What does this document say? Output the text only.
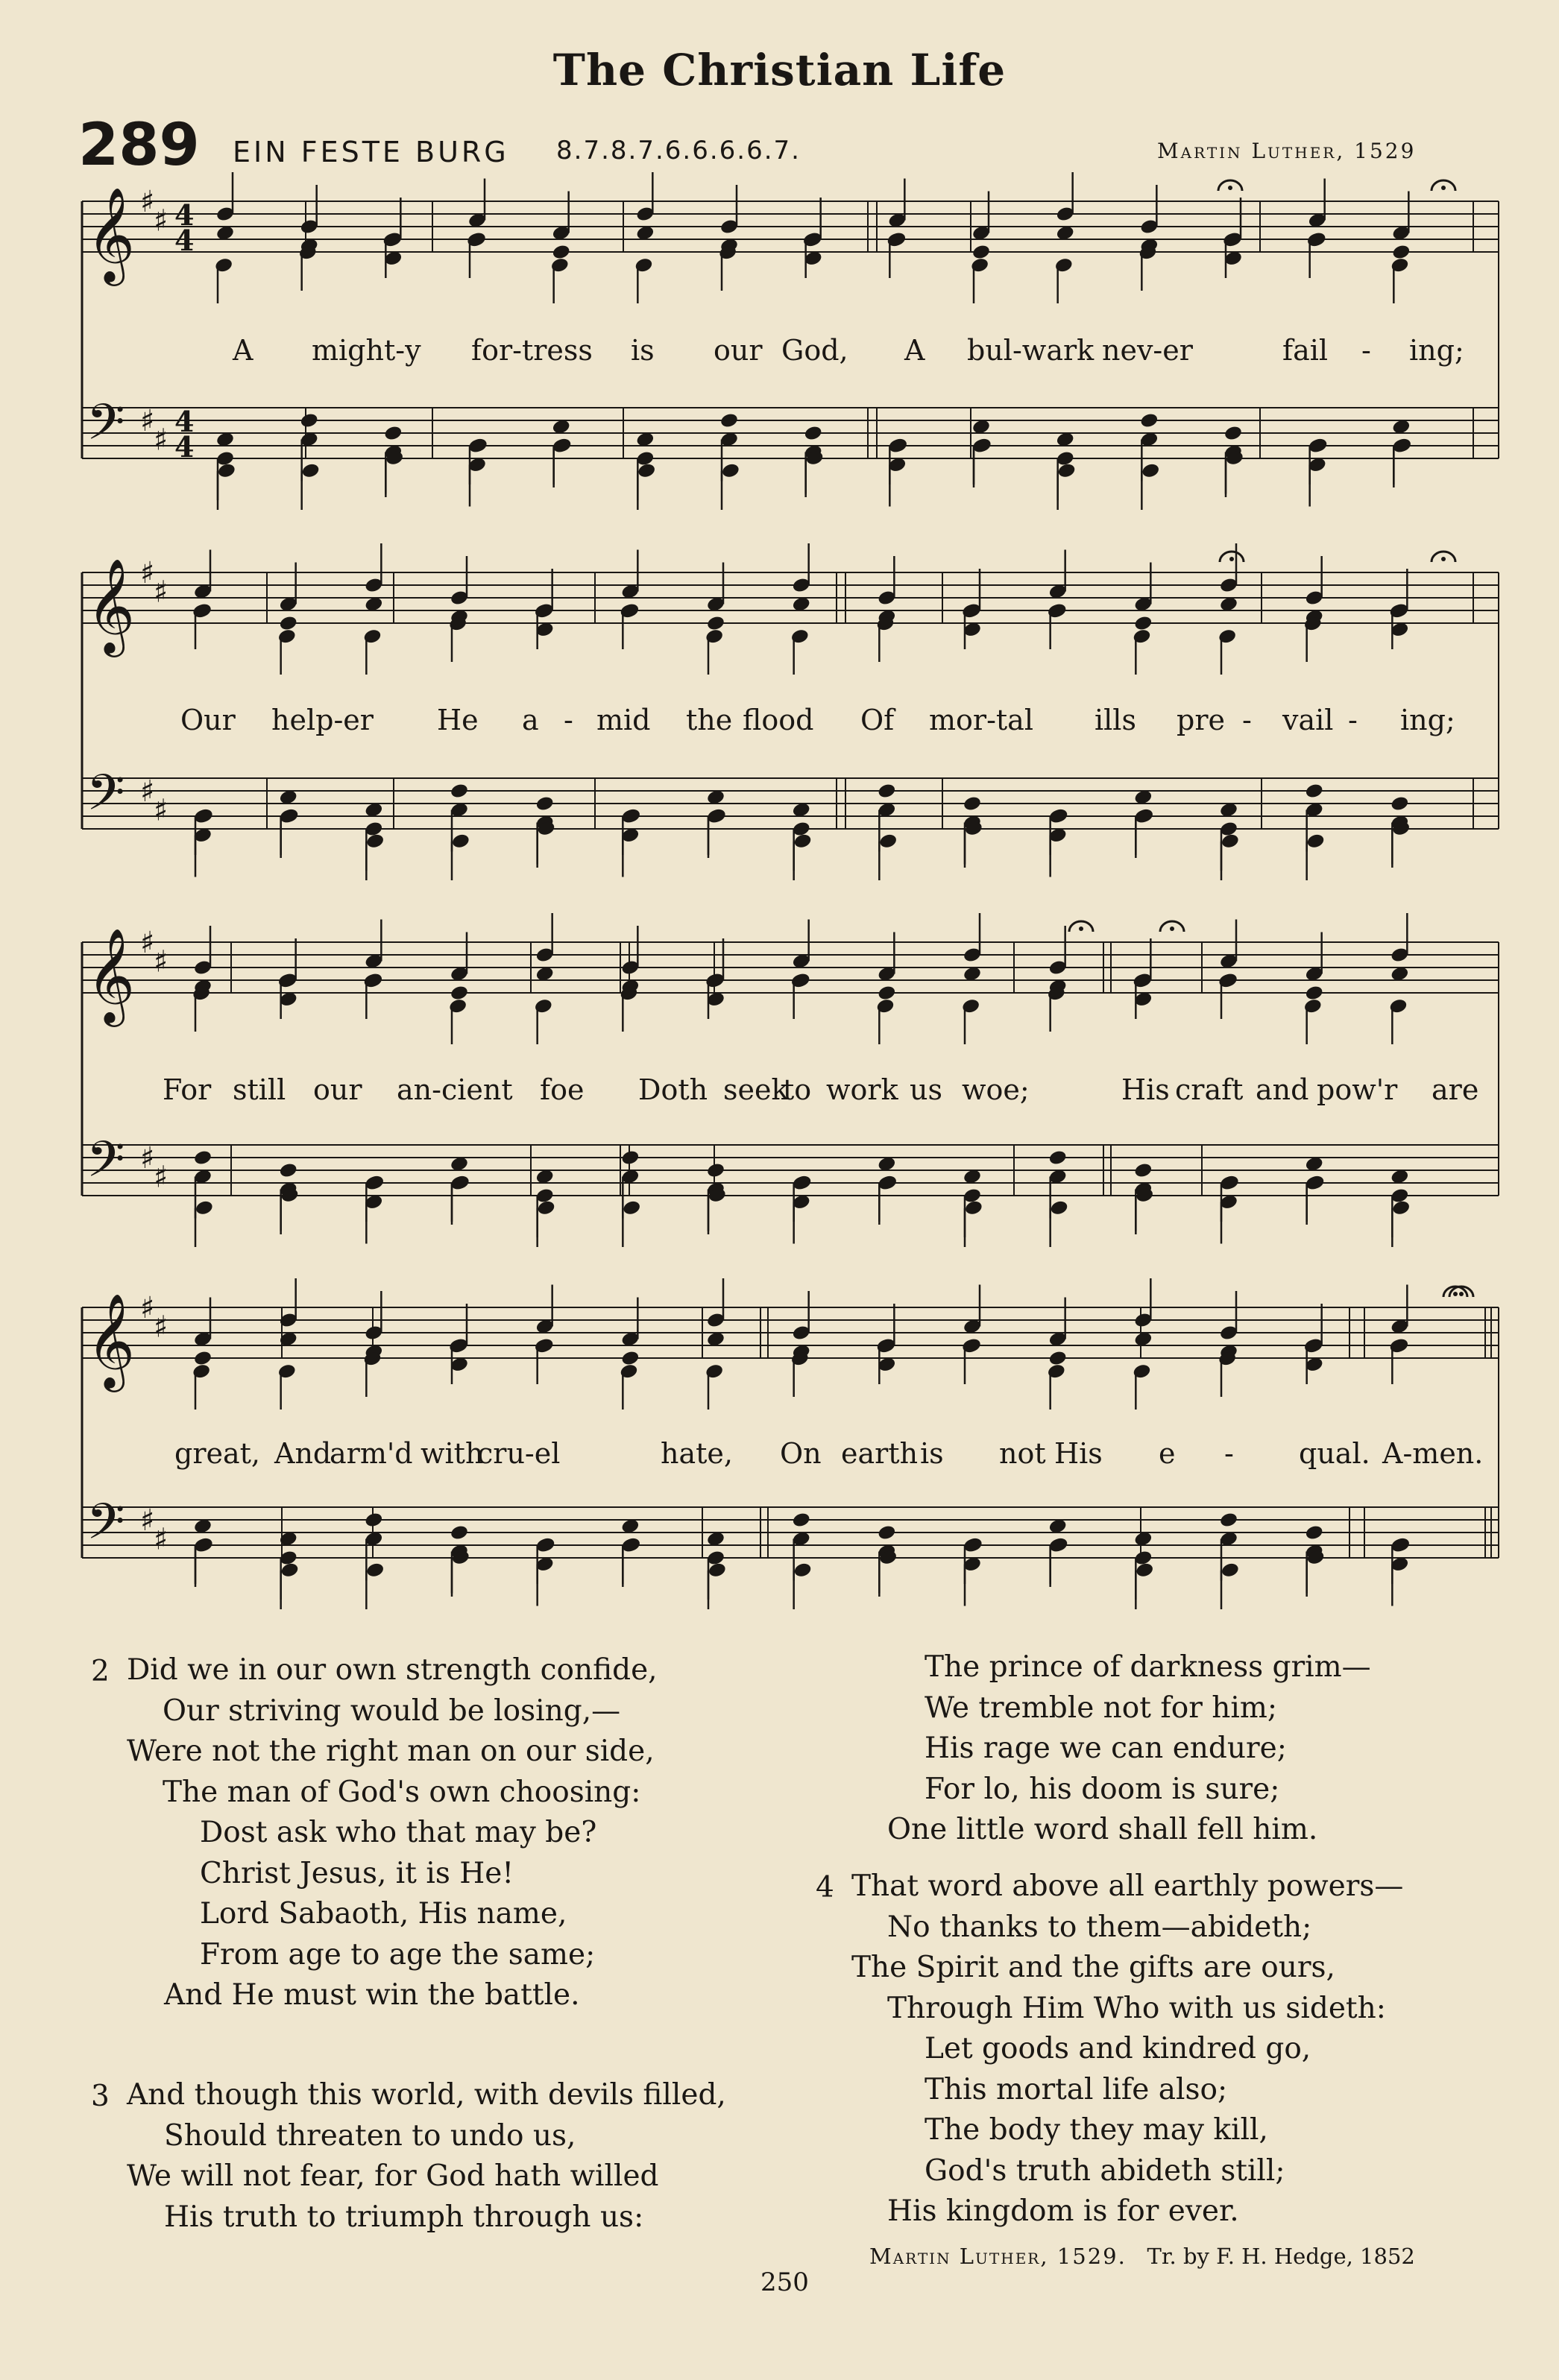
The Christian Life
289 EIN FESTE BURG 8.7.8.7.6.6.6.6.7.	Martin Luther, 1529
𝄞 ♯
♯ 4
4
𝄢 ♯
♯
4
4
𝄞 ♯
♯
𝄢 ♯
♯
𝄞 ♯
♯
𝄢 ♯
♯
𝄞 ♯
♯
𝄢 ♯
♯
A might-y for-tress is our God, A bul-wark nev-er	fail - ing;
Our help-er He a - mid the flood Of mor-tal ills pre - vail - ing;
For still our an-cient foe Doth seek
to work us woe;	His craft and pow'r are
great, And
arm'd with
cru-el	hate, On earth is not His e - qual. A-men.
2 Did we in our own strength confide,
Our striving would be losing,—
Were not the right man on our side,
The man of God's own choosing:
Dost ask who that may be?
Christ Jesus, it is He!
Lord Sabaoth, His name,
From age to age the same;
And He must win the battle.
3 And though this world, with devils filled,
Should threaten to undo us,
We will not fear, for God hath willed
His truth to triumph through us:
The prince of darkness grim—
We tremble not for him;
His rage we can endure;
For lo, his doom is sure;
One little word shall fell him.
4 That word above all earthly powers—
No thanks to them—abideth;
The Spirit and the gifts are ours,
Through Him Who with us sideth:
Let goods and kindred go,
This mortal life also;
The body they may kill,
God's truth abideth still;
His kingdom is for ever.
Martin Luther, 1529. Tr. by F. H. Hedge, 1852
250
